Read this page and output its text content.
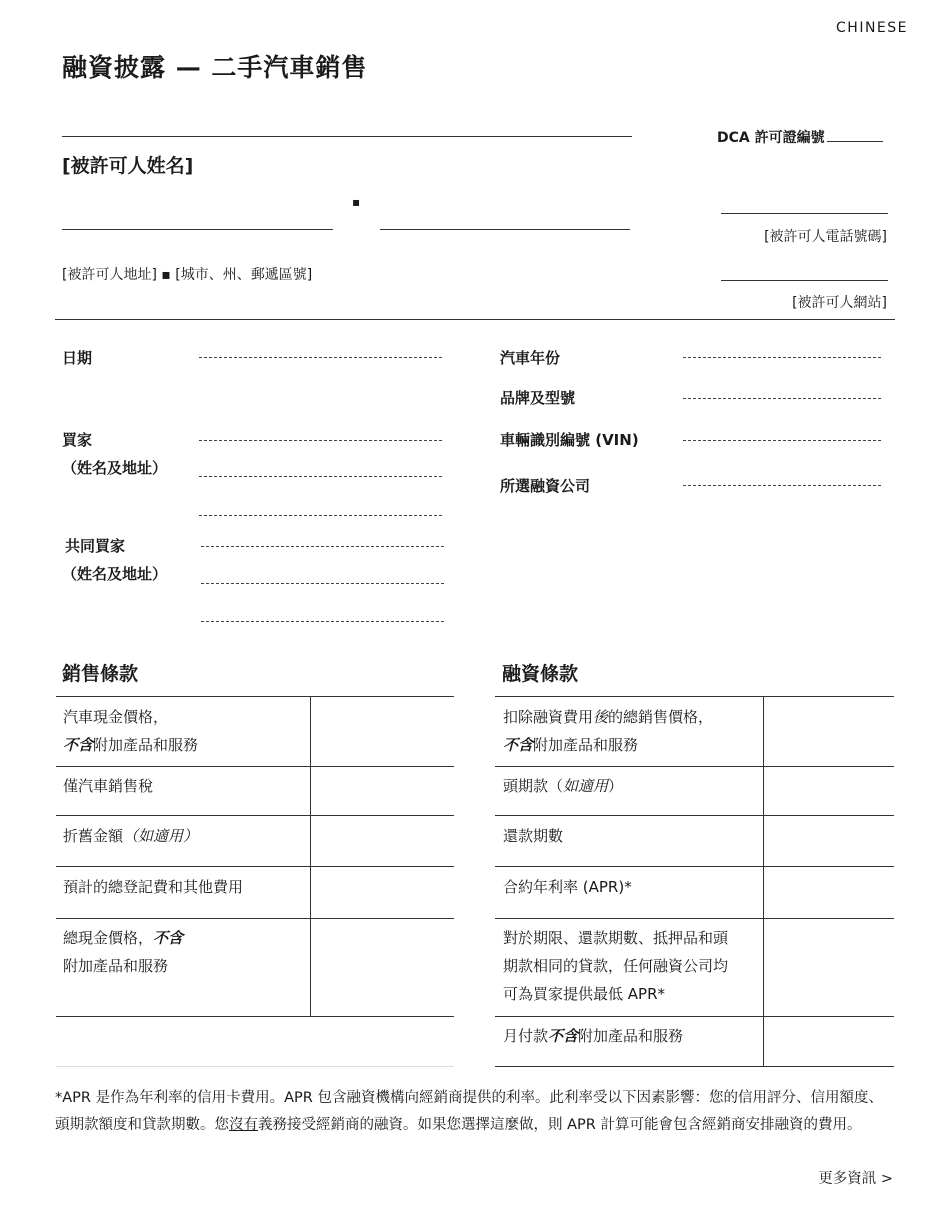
CHINESE
融資披露 — 二手汽車銷售
DCA 許可證編號
[被許可人姓名]
▪
[被許可人電話號碼]
[被許可人地址] ▪ [城市、州、郵遞區號]
[被許可人網站]
日期
買家
（姓名及地址）
共同買家
（姓名及地址）
汽車年份
品牌及型號
車輛識別編號 (VIN)
所選融資公司
銷售條款	融資條款
汽車現金價格，
不含附加產品和服務
僅汽車銷售稅
折舊金額（如適用）
預計的總登記費和其他費用
總現金價格，不含
附加產品和服務
扣除融資費用後的總銷售價格，
不含附加產品和服務
頭期款（如適用）
還款期數
合約年利率 (APR)*
對於期限、還款期數、抵押品和頭
期款相同的貸款，任何融資公司均
可為買家提供最低 APR*
月付款不含附加產品和服務
*APR 是作為年利率的信用卡費用。APR 包含融資機構向經銷商提供的利率。此利率受以下因素影響：您的信用評分、信用額度、頭期款額度和貸款期數。您沒有義務接受經銷商的融資。如果您選擇這麼做，則 APR 計算可能會包含經銷商安排融資的費用。
更多資訊 >
